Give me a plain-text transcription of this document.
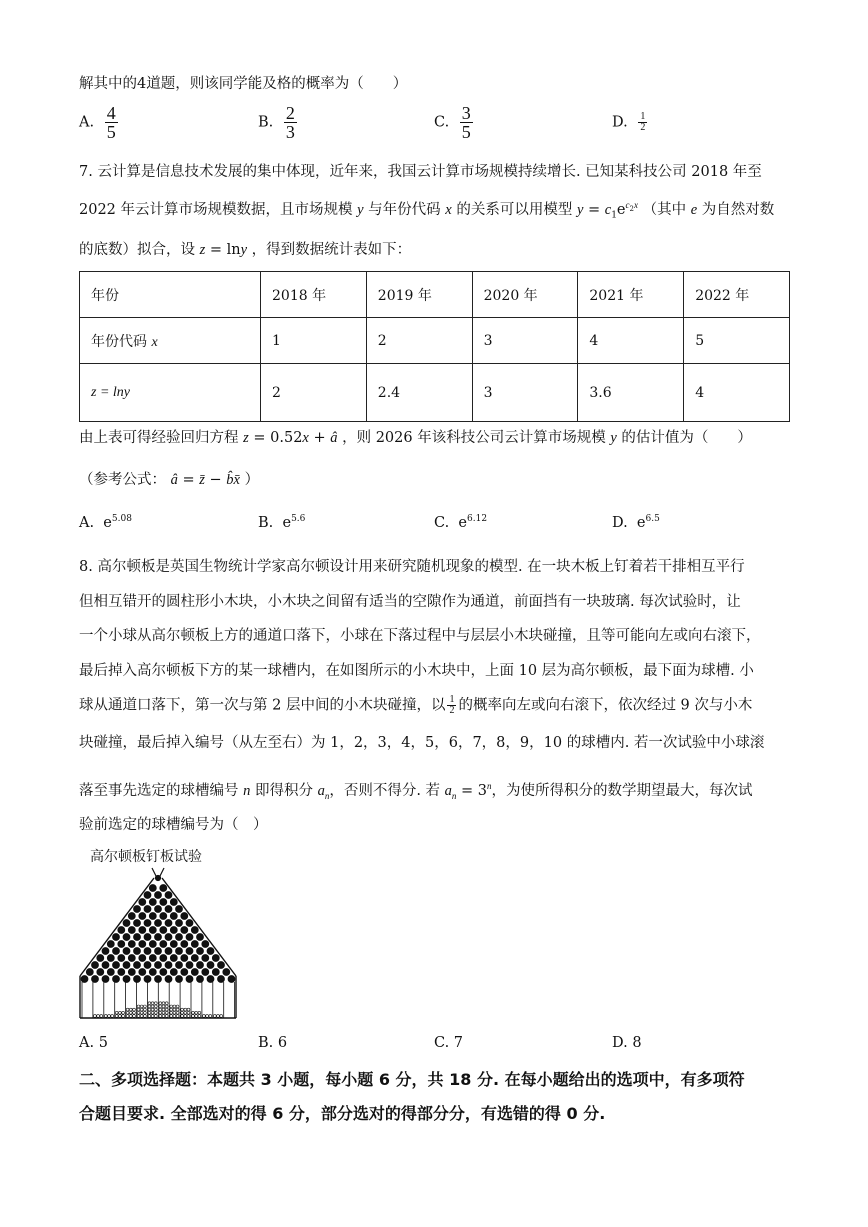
解其中的4道题，则该同学能及格的概率为（　　）
A. $\frac{4}{5}$	B. $\frac{2}{3}$	C. $\frac{3}{5}$	D. $\frac{1}{2}$
7. 云计算是信息技术发展的集中体现，近年来，我国云计算市场规模持续增长. 已知某科技公司 2018 年至
2022 年云计算市场规模数据，且市场规模 y 与年份代码 x 的关系可以用模型 $y = c_1e^{c_2x}$ （其中 e 为自然对数
的底数）拟合，设 z = lny ，得到数据统计表如下：
年份	2018 年	2019 年	2020 年	2021 年	2022 年
年份代码 x	1	2	3	4	5
z = lny	2	2.4	3	3.6	4
由上表可得经验回归方程 z = 0.52x + â ，则 2026 年该科技公司云计算市场规模 y 的估计值为（　　）
（参考公式： â = z̄ − b̂x̄ ）
A.  $e^{5.08}$	B.  $e^{5.6}$	C.  $e^{6.12}$	D.  $e^{6.5}$
8. 高尔顿板是英国生物统计学家高尔顿设计用来研究随机现象的模型. 在一块木板上钉着若干排相互平行
但相互错开的圆柱形小木块，小木块之间留有适当的空隙作为通道，前面挡有一块玻璃. 每次试验时，让
一个小球从高尔顿板上方的通道口落下，小球在下落过程中与层层小木块碰撞，且等可能向左或向右滚下，
最后掉入高尔顿板下方的某一球槽内，在如图所示的小木块中，上面 10 层为高尔顿板，最下面为球槽. 小
球从通道口落下，第一次与第 2 层中间的小木块碰撞，以 $\frac{1}{2}$ 的概率向左或向右滚下，依次经过 9 次与小木
块碰撞，最后掉入编号（从左至右）为 1，2，3，4，5，6，7，8，9，10 的球槽内. 若一次试验中小球滚
落至事先选定的球槽编号 n 即得积分 $a_n$，否则不得分. 若 $a_n = 3^n$，为使所得积分的数学期望最大，每次试
验前选定的球槽编号为（　）
高尔顿板钉板试验
A. 5	B. 6	C. 7	D. 8
二、多项选择题：本题共 3 小题，每小题 6 分，共 18 分. 在每小题给出的选项中，有多项符
合题目要求. 全部选对的得 6 分，部分选对的得部分分，有选错的得 0 分.
